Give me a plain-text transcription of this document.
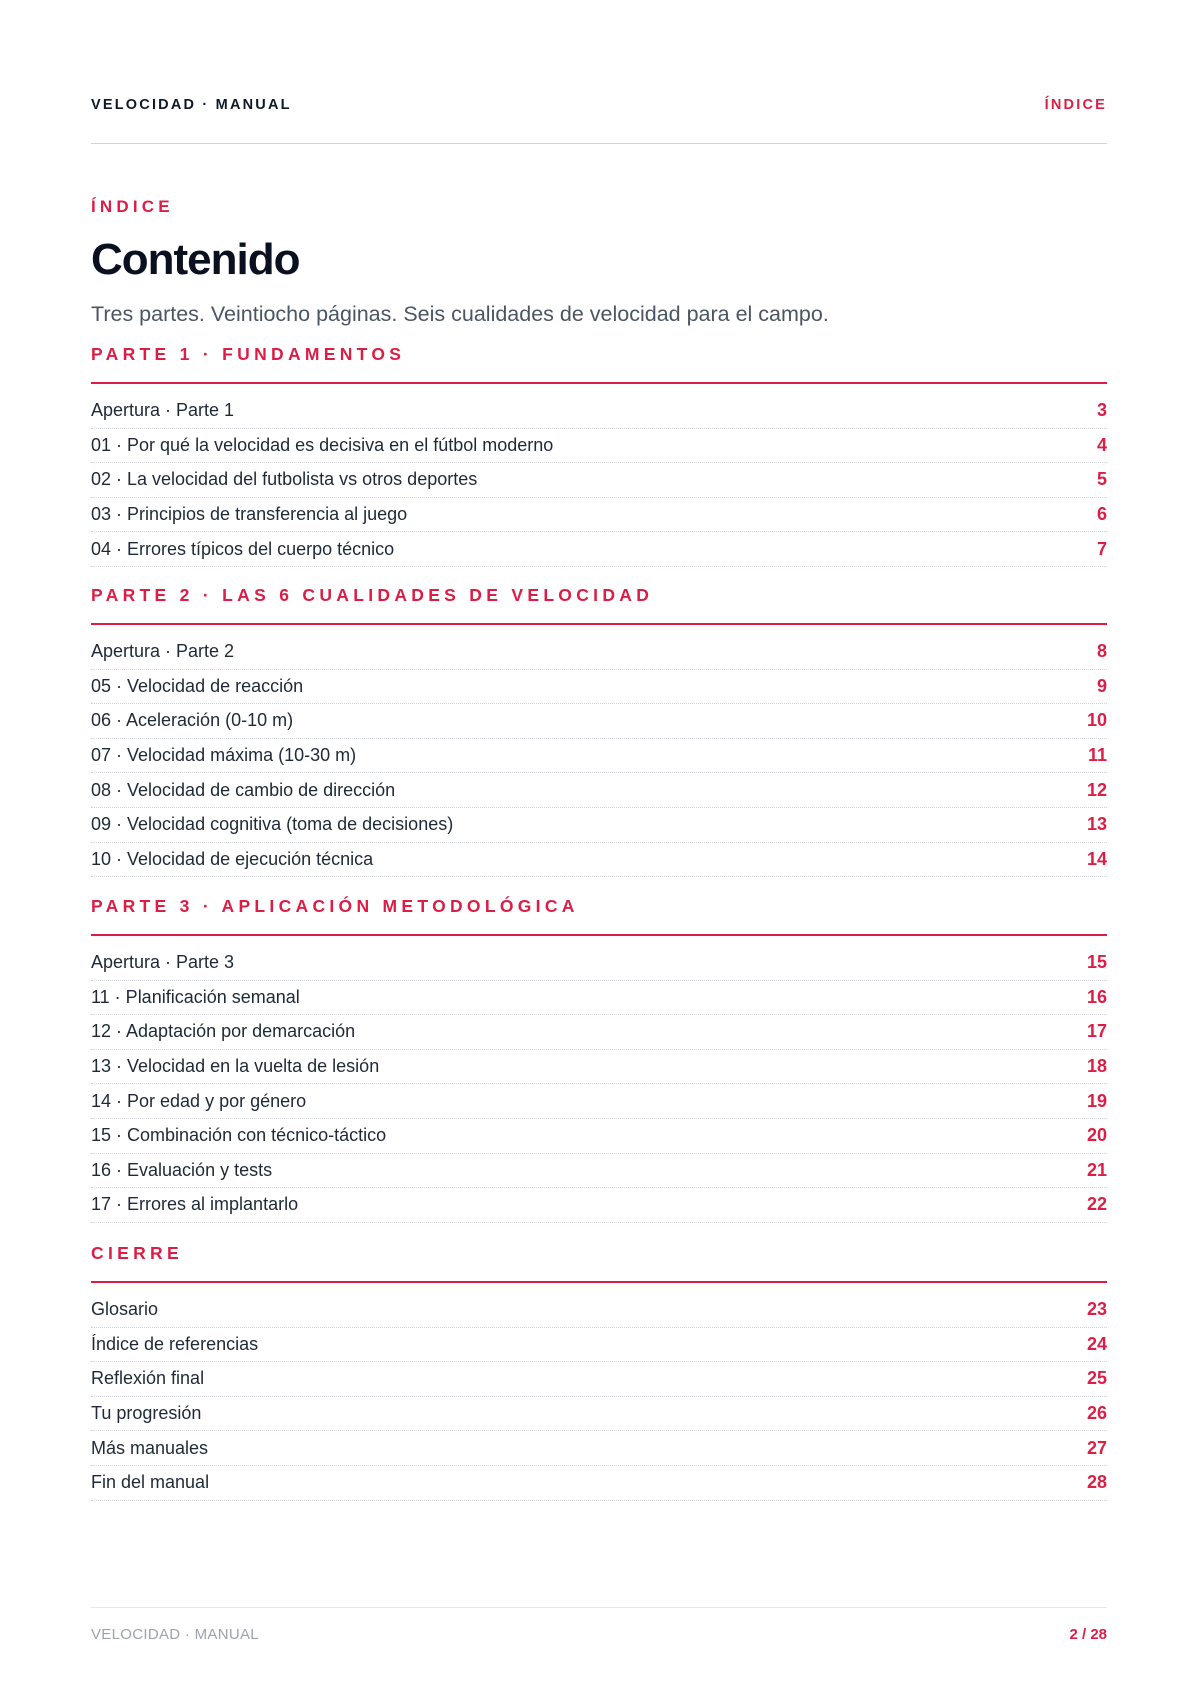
VELOCIDAD · MANUAL	ÍNDICE
ÍNDICE
Contenido

Tres partes. Veintiocho páginas. Seis cualidades de velocidad para el campo.

PARTE 1 · FUNDAMENTOS
Apertura · Parte 1	3
01 · Por qué la velocidad es decisiva en el fútbol moderno	4
02 · La velocidad del futbolista vs otros deportes	5
03 · Principios de transferencia al juego	6
04 · Errores típicos del cuerpo técnico	7
PARTE 2 · LAS 6 CUALIDADES DE VELOCIDAD
Apertura · Parte 2	8
05 · Velocidad de reacción	9
06 · Aceleración (0-10 m)	10
07 · Velocidad máxima (10-30 m)	11
08 · Velocidad de cambio de dirección	12
09 · Velocidad cognitiva (toma de decisiones)	13
10 · Velocidad de ejecución técnica	14
PARTE 3 · APLICACIÓN METODOLÓGICA
Apertura · Parte 3	15
11 · Planificación semanal	16
12 · Adaptación por demarcación	17
13 · Velocidad en la vuelta de lesión	18
14 · Por edad y por género	19
15 · Combinación con técnico-táctico	20
16 · Evaluación y tests	21
17 · Errores al implantarlo	22
CIERRE
Glosario	23
Índice de referencias	24
Reflexión final	25
Tu progresión	26
Más manuales	27
Fin del manual	28
VELOCIDAD · MANUAL	2 / 28
